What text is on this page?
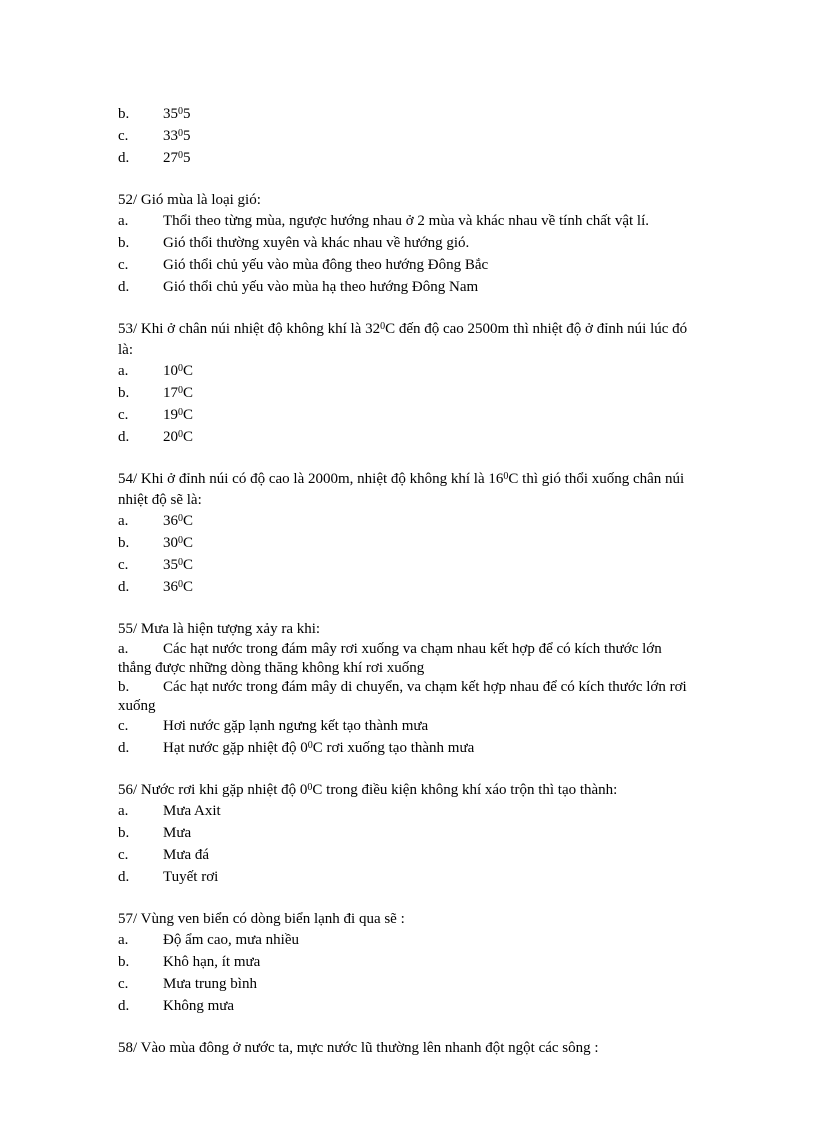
b.	$35^05$
c.	$33^05$
d.	$27^05$

52/ Gió mùa là loại gió:

a.	Thổi theo từng mùa, ngược hướng nhau ở 2 mùa và khác nhau về tính chất vật lí.
b.	Gió thổi thường xuyên và khác nhau về hướng gió.
c.	Gió thổi chủ yếu vào mùa đông theo hướng Đông Bắc
d.	Gió thổi chủ yếu vào mùa hạ theo hướng Đông Nam

53/ Khi ở chân núi nhiệt độ không khí là $32^0C$ đến độ cao 2500m thì nhiệt độ ở đỉnh núi lúc đó là:

a.	$10^0C$
b.	$17^0C$
c.	$19^0C$
d.	$20^0C$

54/ Khi ở đỉnh núi có độ cao là 2000m, nhiệt độ không khí là $16^0C$ thì gió thổi xuống chân núi nhiệt độ sẽ là:

a.	$36^0C$
b.	$30^0C$
c.	$35^0C$
d.	$36^0C$

55/ Mưa là hiện tượng xảy ra khi:

a. Các hạt nước trong đám mây rơi xuống va chạm nhau kết hợp để có kích thước lớn thắng được những dòng thăng không khí rơi xuống
b. Các hạt nước trong đám mây di chuyển, va chạm kết hợp nhau để có kích thước lớn rơi xuống
c.	Hơi nước gặp lạnh ngưng kết tạo thành mưa
d.	Hạt nước gặp nhiệt độ $0^0C$ rơi xuống tạo thành mưa

56/ Nước rơi khi gặp nhiệt độ $0^0C$ trong điều kiện không khí xáo trộn thì tạo thành:

a.	Mưa Axit
b.	Mưa
c.	Mưa đá
d.	Tuyết rơi

57/ Vùng ven biển có dòng biển lạnh đi qua sẽ :

a.	Độ ẩm cao, mưa nhiều
b.	Khô hạn, ít mưa
c.	Mưa trung bình
d.	Không mưa

58/ Vào mùa đông ở nước ta, mực nước lũ thường lên nhanh đột ngột các sông :
